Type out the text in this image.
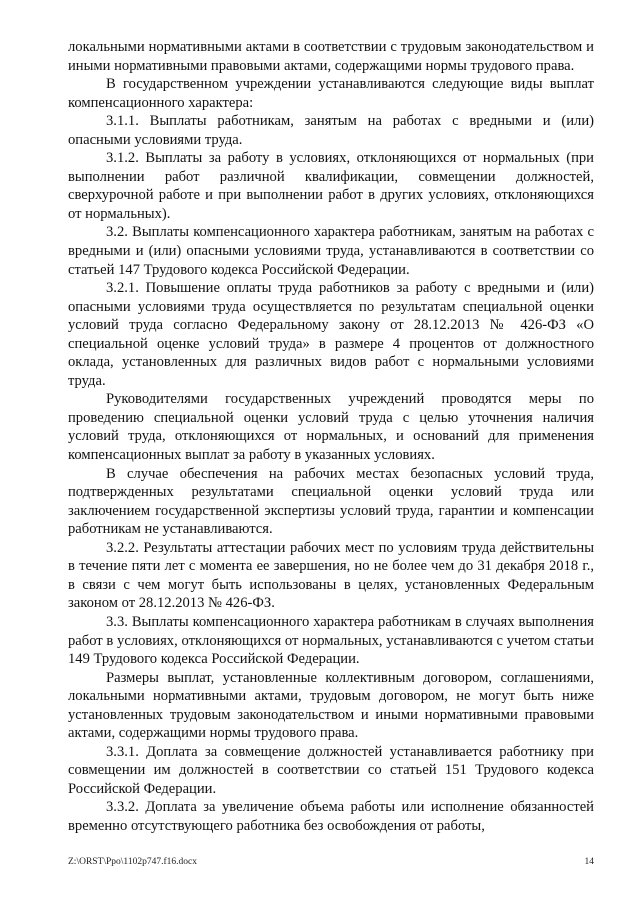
локальными нормативными актами в соответствии с трудовым законодательством и иными нормативными правовыми актами, содержащими нормы трудового права.

В государственном учреждении устанавливаются следующие виды выплат компенсационного характера:

3.1.1. Выплаты работникам, занятым на работах с вредными и (или) опасными условиями труда.

3.1.2. Выплаты за работу в условиях, отклоняющихся от нормальных (при выполнении работ различной квалификации, совмещении должностей, сверхурочной работе и при выполнении работ в других условиях, отклоняющихся от нормальных).

3.2. Выплаты компенсационного характера работникам, занятым на работах с вредными и (или) опасными условиями труда, устанавливаются в соответствии со статьей 147 Трудового кодекса Российской Федерации.

3.2.1. Повышение оплаты труда работников за работу с вредными и (или) опасными условиями труда осуществляется по результатам специальной оценки условий труда согласно Федеральному закону от 28.12.2013 № 426-ФЗ «О специальной оценке условий труда» в размере 4 процентов от должностного оклада, установленных для различных видов работ с нормальными условиями труда.

Руководителями государственных учреждений проводятся меры по проведению специальной оценки условий труда с целью уточнения наличия условий труда, отклоняющихся от нормальных, и оснований для применения компенсационных выплат за работу в указанных условиях.

В случае обеспечения на рабочих местах безопасных условий труда, подтвержденных результатами специальной оценки условий труда или заключением государственной экспертизы условий труда, гарантии и компенсации работникам не устанавливаются.

3.2.2. Результаты аттестации рабочих мест по условиям труда действительны в течение пяти лет с момента ее завершения, но не более чем до 31 декабря 2018 г., в связи с чем могут быть использованы в целях, установленных Федеральным законом от 28.12.2013 № 426-ФЗ.

3.3. Выплаты компенсационного характера работникам в случаях выполнения работ в условиях, отклоняющихся от нормальных, устанавливаются с учетом статьи 149 Трудового кодекса Российской Федерации.

Размеры выплат, установленные коллективным договором, соглашениями, локальными нормативными актами, трудовым договором, не могут быть ниже установленных трудовым законодательством и иными нормативными правовыми актами, содержащими нормы трудового права.

3.3.1. Доплата за совмещение должностей устанавливается работнику при совмещении им должностей в соответствии со статьей 151 Трудового кодекса Российской Федерации.

3.3.2. Доплата за увеличение объема работы или исполнение обязанностей временно отсутствующего работника без освобождения от работы,

Z:\ORST\Ppo\1102p747.f16.docx	14
